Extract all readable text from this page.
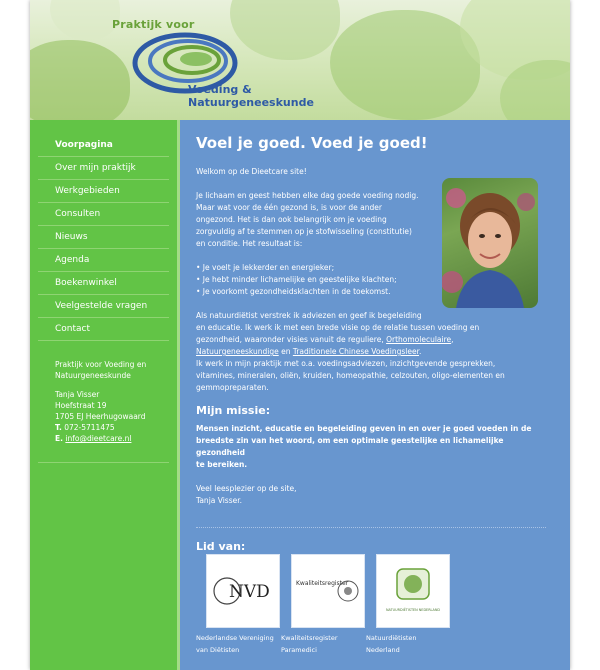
Praktijk voor
Voeding & Natuurgeneeskunde
Voorpagina
Over mijn praktijk
Werkgebieden
Consulten
Nieuws
Agenda
Boekenwinkel
Veelgestelde vragen
Contact

Praktijk voor Voeding en
Natuurgeneeskunde

Tanja Visser
Hoefstraat 19
1705 EJ Heerhugowaard
T. 072-5711475
E. info@dieetcare.nl

Voel je goed. Voed je goed!

Welkom op de Dieetcare site!

Je lichaam en geest hebben elke dag goede voeding nodig.
Maar wat voor de één gezond is, is voor de ander
ongezond. Het is dan ook belangrijk om je voeding
zorgvuldig af te stemmen op je stofwisseling (constitutie)
en conditie. Het resultaat is:

• Je voelt je lekkerder en energieker;
• Je hebt minder lichamelijke en geestelijke klachten;
• Je voorkomt gezondheidsklachten in de toekomst.

Als natuurdiëtist verstrek ik adviezen en geef ik begeleiding
en educatie. Ik werk ik met een brede visie op de relatie tussen voeding en
gezondheid, waaronder visies vanuit de reguliere, Orthomoleculaire,
Natuurgeneeskundige en Traditionele Chinese Voedingsleer.
Ik werk in mijn praktijk met o.a. voedingsadviezen, inzichtgevende gesprekken,
vitamines, mineralen, oliën, kruiden, homeopathie, celzouten, oligo-elementen en
gemmopreparaten.

Mijn missie:

Mensen inzicht, educatie en begeleiding geven in en over je goed voeden in de
breedste zin van het woord, om een optimale geestelijke en lichamelijke gezondheid
te bereiken.

Veel leesplezier op de site,
Tanja Visser.

Lid van:
NVD	Kwaliteitsregister
NATUURDIËTISTEN NEDERLAND
Nederlandse Vereniging
van Diëtisten
Kwaliteitsregister
Paramedici
Natuurdiëtisten
Nederland
